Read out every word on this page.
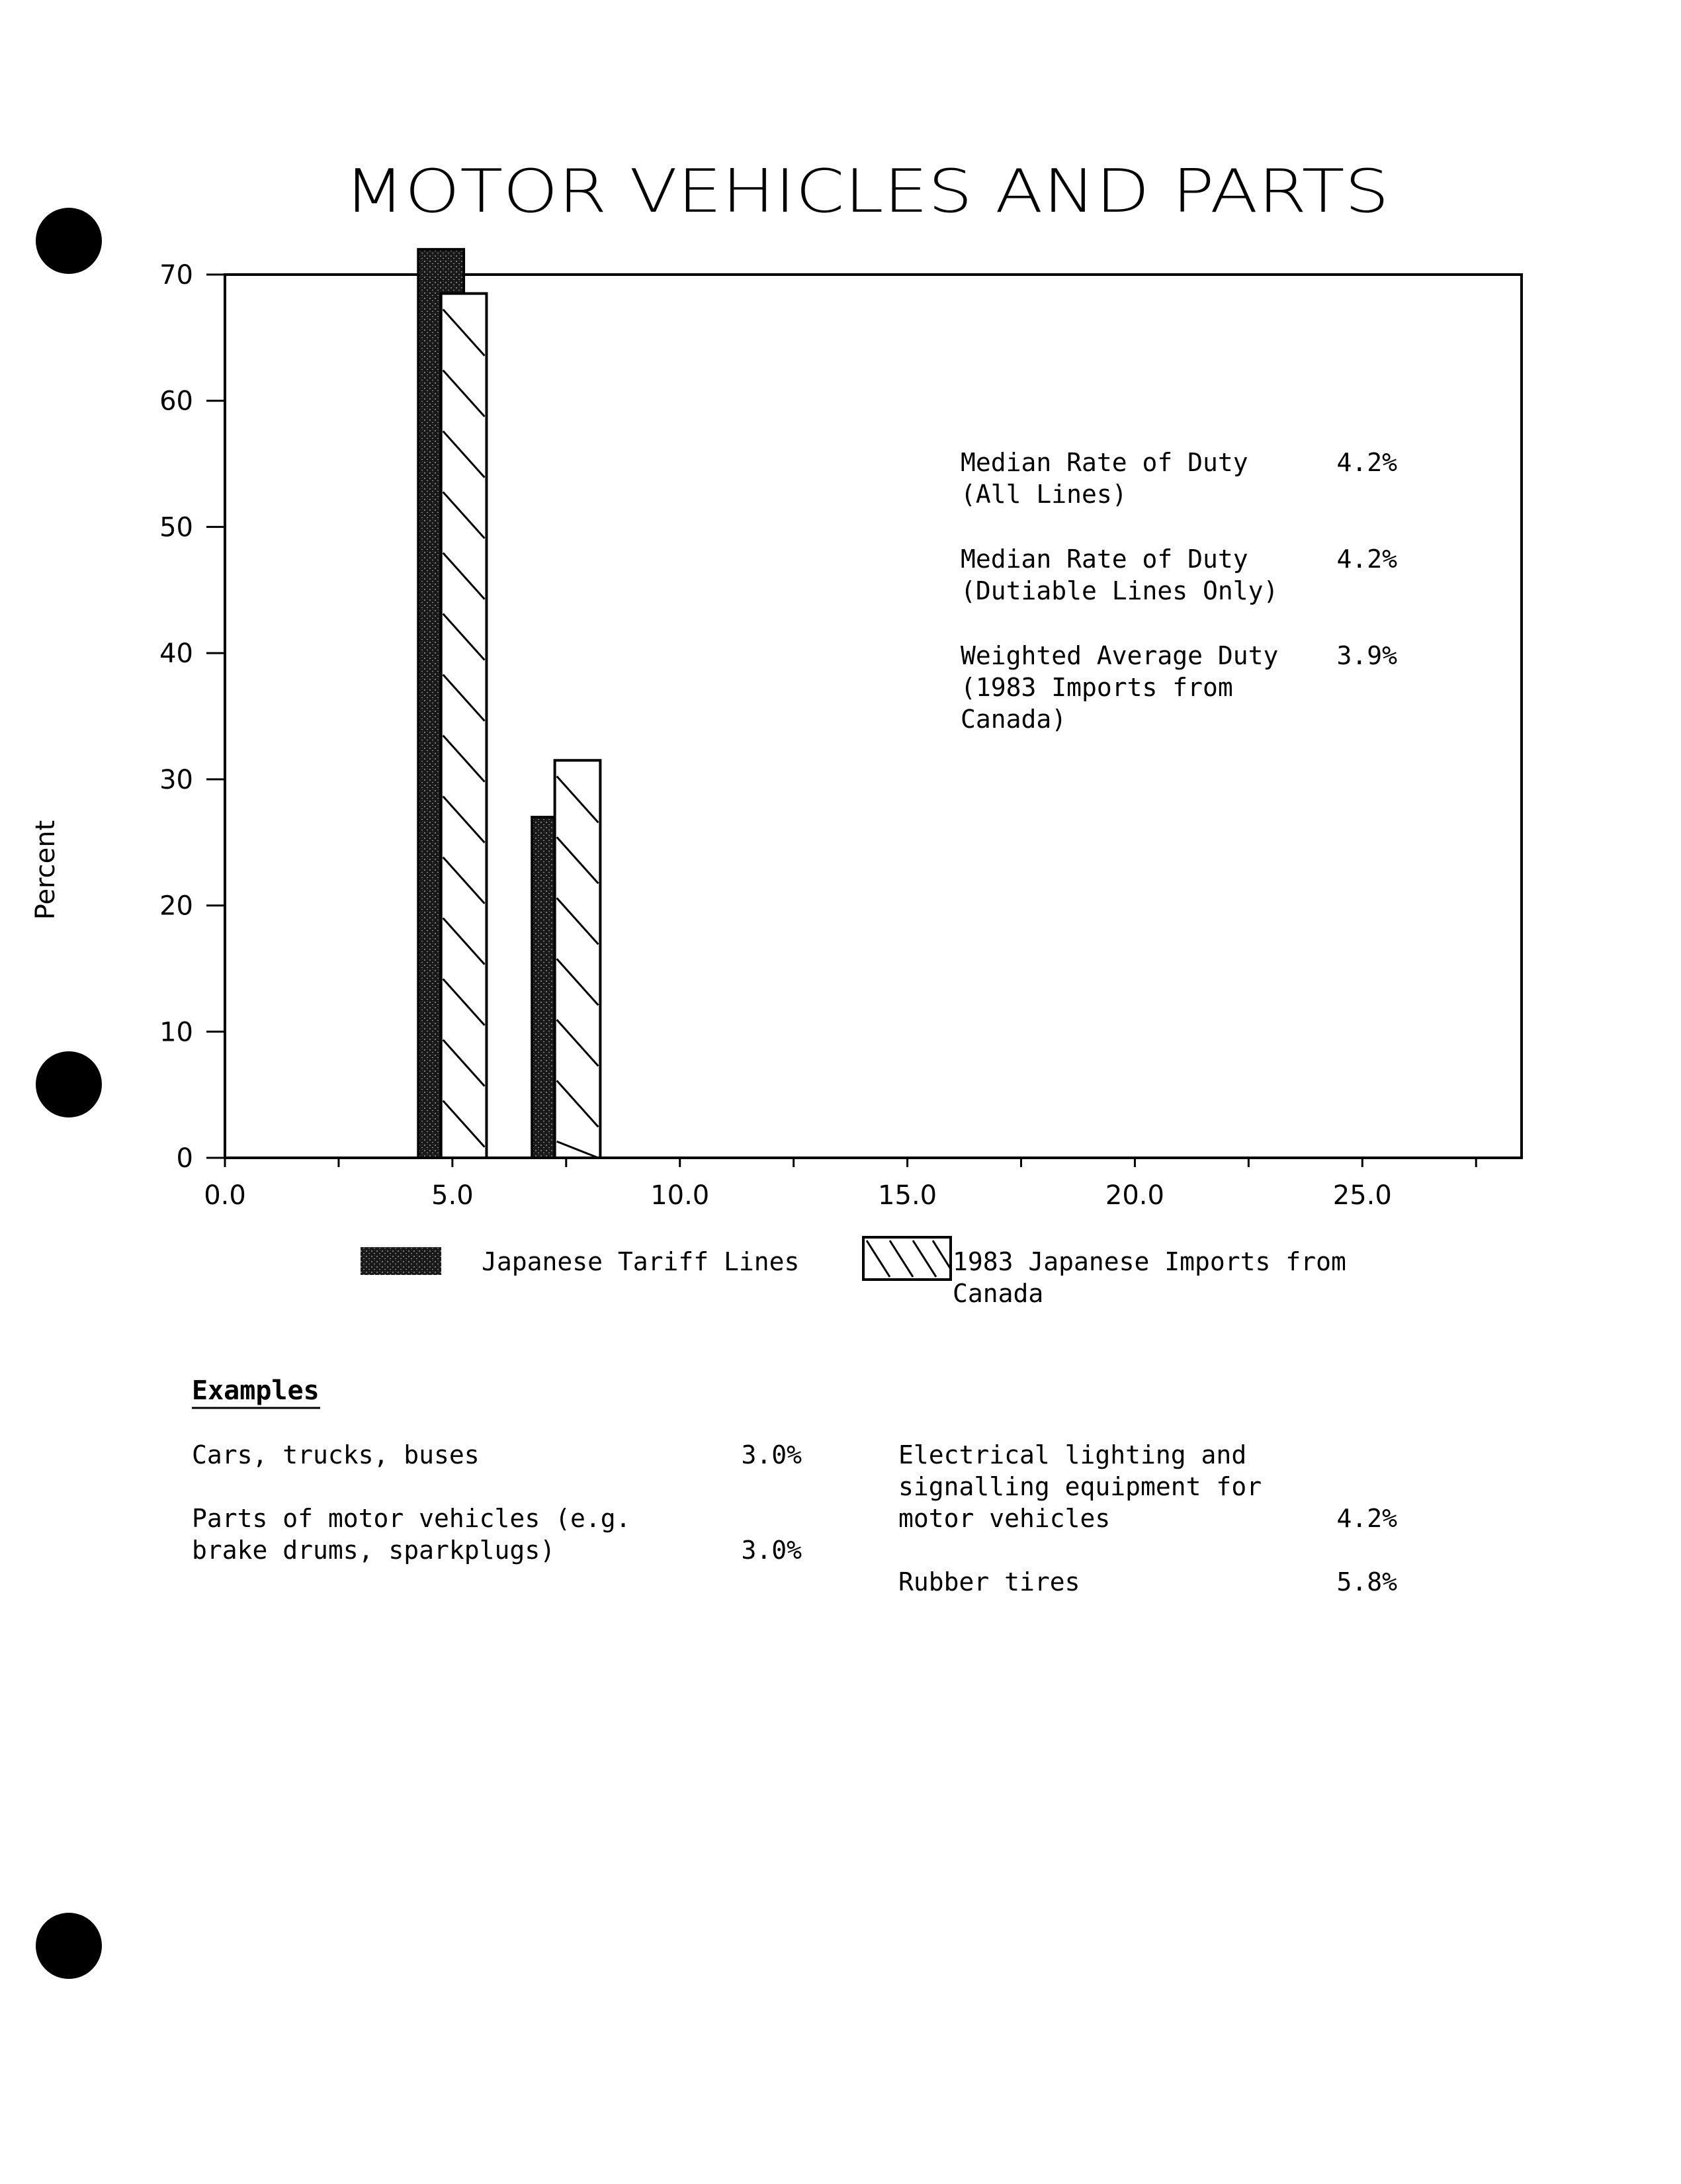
MOTOR VEHICLES AND PARTS
Percent
0
10
20
30
40
50
60
70
0.0	5.0	10.0	15.0	20.0	25.0
Median Rate of Duty
(All Lines)
4.2%
Median Rate of Duty
(Dutiable Lines Only)
4.2%
Weighted Average Duty
(1983 Imports from
Canada)
3.9%
Japanese Tariff Lines	1983 Japanese Imports from
Canada
Examples
Cars, trucks, buses	3.0%
Parts of motor vehicles (e.g.
brake drums, sparkplugs)	3.0%
Electrical lighting and
signalling equipment for
motor vehicles	4.2%
Rubber tires	5.8%
